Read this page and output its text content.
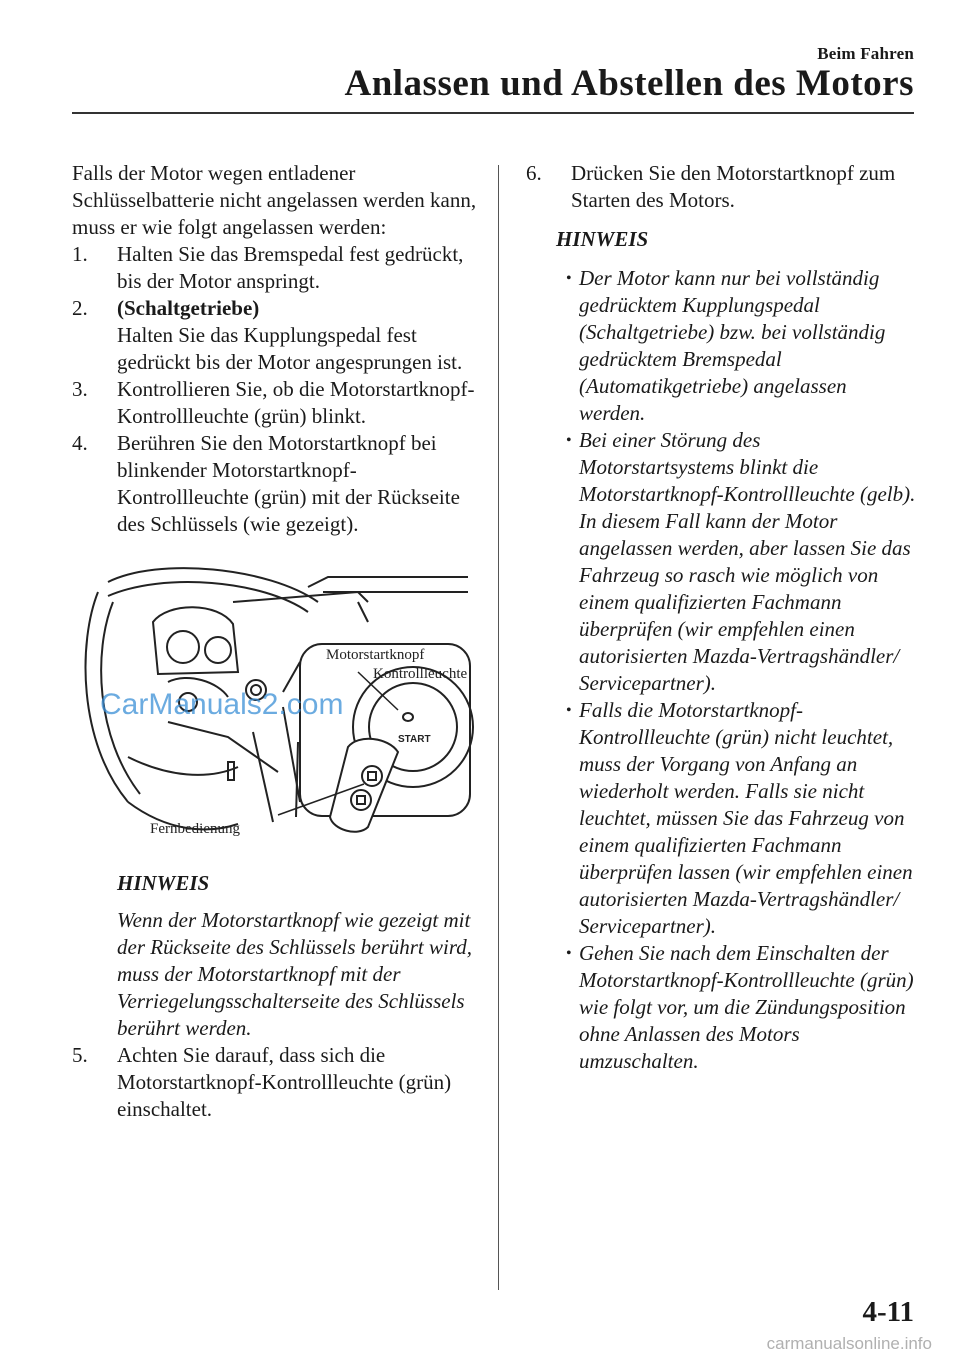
Beim Fahren
Anlassen und Abstellen des Motors

Falls der Motor wegen entladener Schlüsselbatterie nicht angelassen werden kann, muss er wie folgt angelassen werden:

1.	Halten Sie das Bremspedal fest gedrückt, bis der Motor anspringt.
2.	(Schaltgetriebe)
Halten Sie das Kupplungspedal fest gedrückt bis der Motor angesprungen ist.
3.	Kontrollieren Sie, ob die Motorstartknopf-Kontrollleuchte (grün) blinkt.
4.	Berühren Sie den Motorstartknopf bei blinkender Motorstartknopf-Kontrollleuchte (grün) mit der Rückseite des Schlüssels (wie gezeigt).
Motorstartknopf
Kontrollleuchte
Fernbedienung
START

HINWEIS

Wenn der Motorstartknopf wie gezeigt mit der Rückseite des Schlüssels berührt wird, muss der Motorstartknopf mit der Verriegelungsschalterseite des Schlüssels berührt werden.

5.	Achten Sie darauf, dass sich die Motorstartknopf-Kontrollleuchte (grün) einschaltet.
6.	Drücken Sie den Motorstartknopf zum Starten des Motors.

HINWEIS

• Der Motor kann nur bei vollständig gedrücktem Kupplungspedal (Schaltgetriebe) bzw. bei vollständig gedrücktem Bremspedal (Automatikgetriebe) angelassen werden.
• Bei einer Störung des Motorstartsystems blinkt die Motorstartknopf-Kontrollleuchte (gelb). In diesem Fall kann der Motor angelassen werden, aber lassen Sie das Fahrzeug so rasch wie möglich von einem qualifizierten Fachmann überprüfen (wir empfehlen einen autorisierten Mazda-Vertragshändler/ Servicepartner).
• Falls die Motorstartknopf-Kontrollleuchte (grün) nicht leuchtet, muss der Vorgang von Anfang an wiederholt werden. Falls sie nicht leuchtet, müssen Sie das Fahrzeug von einem qualifizierten Fachmann überprüfen lassen (wir empfehlen einen autorisierten Mazda-Vertragshändler/ Servicepartner).
• Gehen Sie nach dem Einschalten der Motorstartknopf-Kontrollleuchte (grün) wie folgt vor, um die Zündungsposition ohne Anlassen des Motors umzuschalten.
CarManuals2.com
4-11
carmanualsonline.info
